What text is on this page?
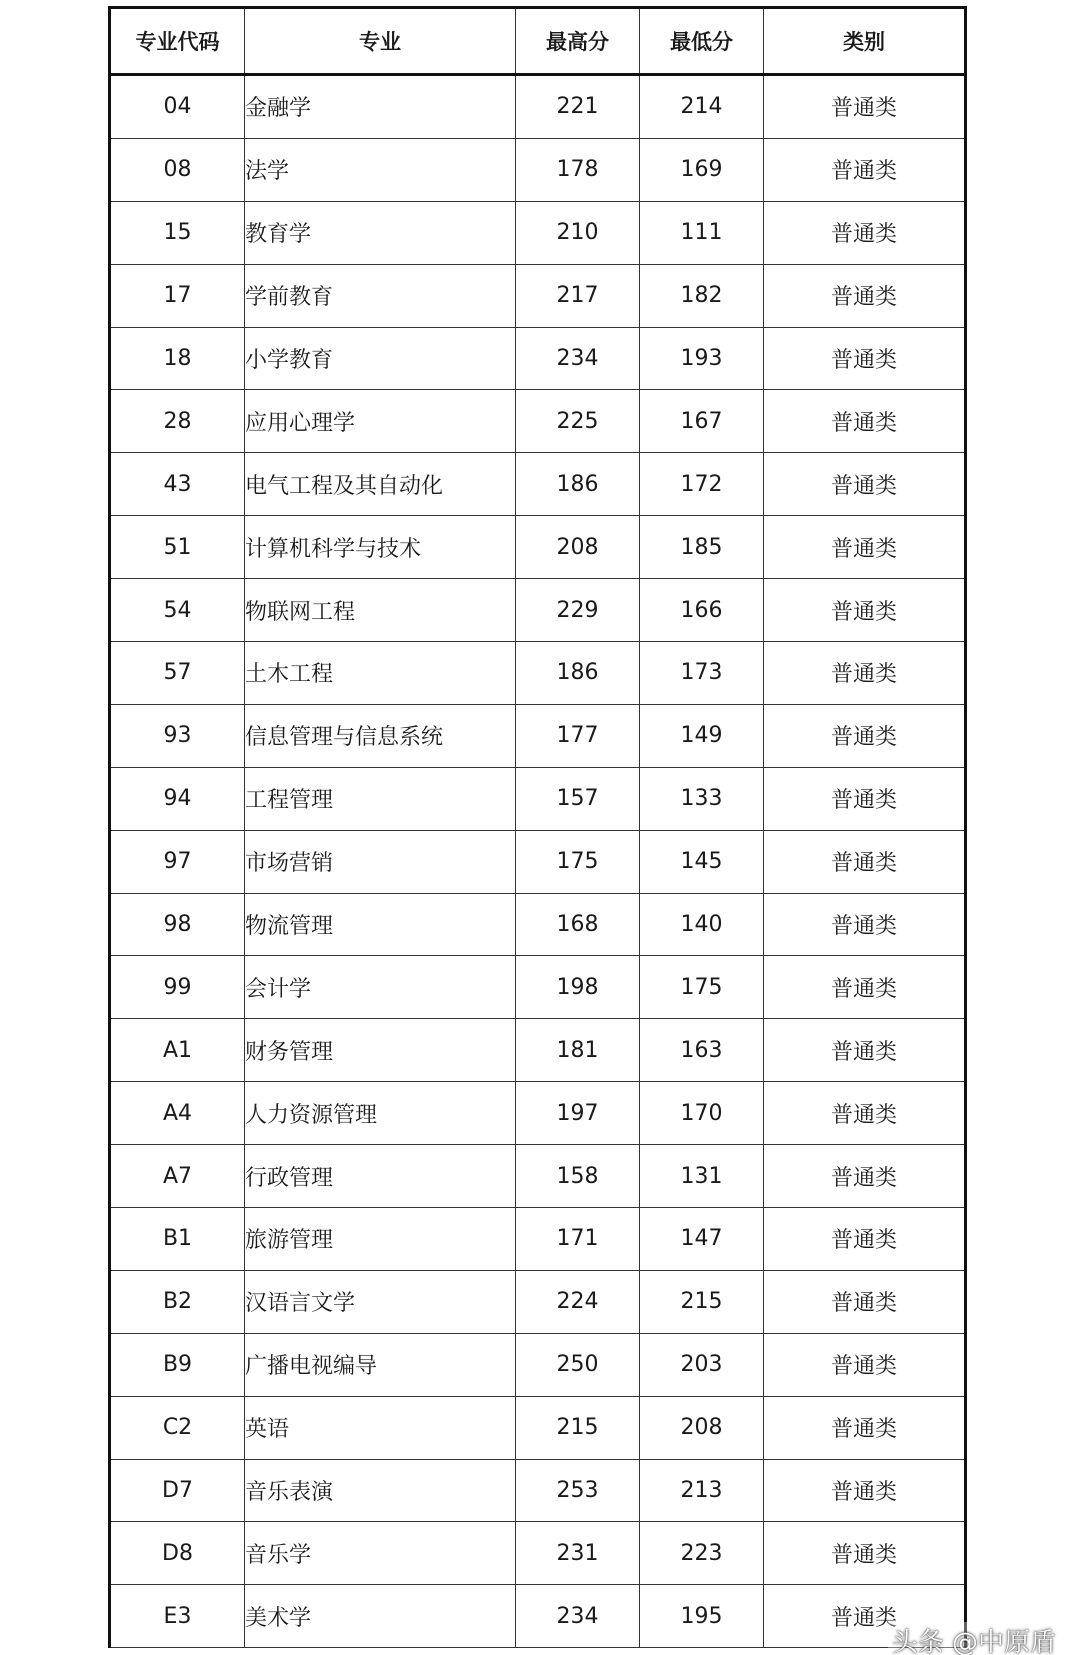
专业代码	专业	最高分	最低分	类别
04	金融学	221	214	普通类
08	法学	178	169	普通类
15	教育学	210	111	普通类
17	学前教育	217	182	普通类
18	小学教育	234	193	普通类
28	应用心理学	225	167	普通类
43	电气工程及其自动化	186	172	普通类
51	计算机科学与技术	208	185	普通类
54	物联网工程	229	166	普通类
57	土木工程	186	173	普通类
93	信息管理与信息系统	177	149	普通类
94	工程管理	157	133	普通类
97	市场营销	175	145	普通类
98	物流管理	168	140	普通类
99	会计学	198	175	普通类
A1	财务管理	181	163	普通类
A4	人力资源管理	197	170	普通类
A7	行政管理	158	131	普通类
B1	旅游管理	171	147	普通类
B2	汉语言文学	224	215	普通类
B9	广播电视编导	250	203	普通类
C2	英语	215	208	普通类
D7	音乐表演	253	213	普通类
D8	音乐学	231	223	普通类
E3	美术学	234	195	普通类
头条 @中原盾
